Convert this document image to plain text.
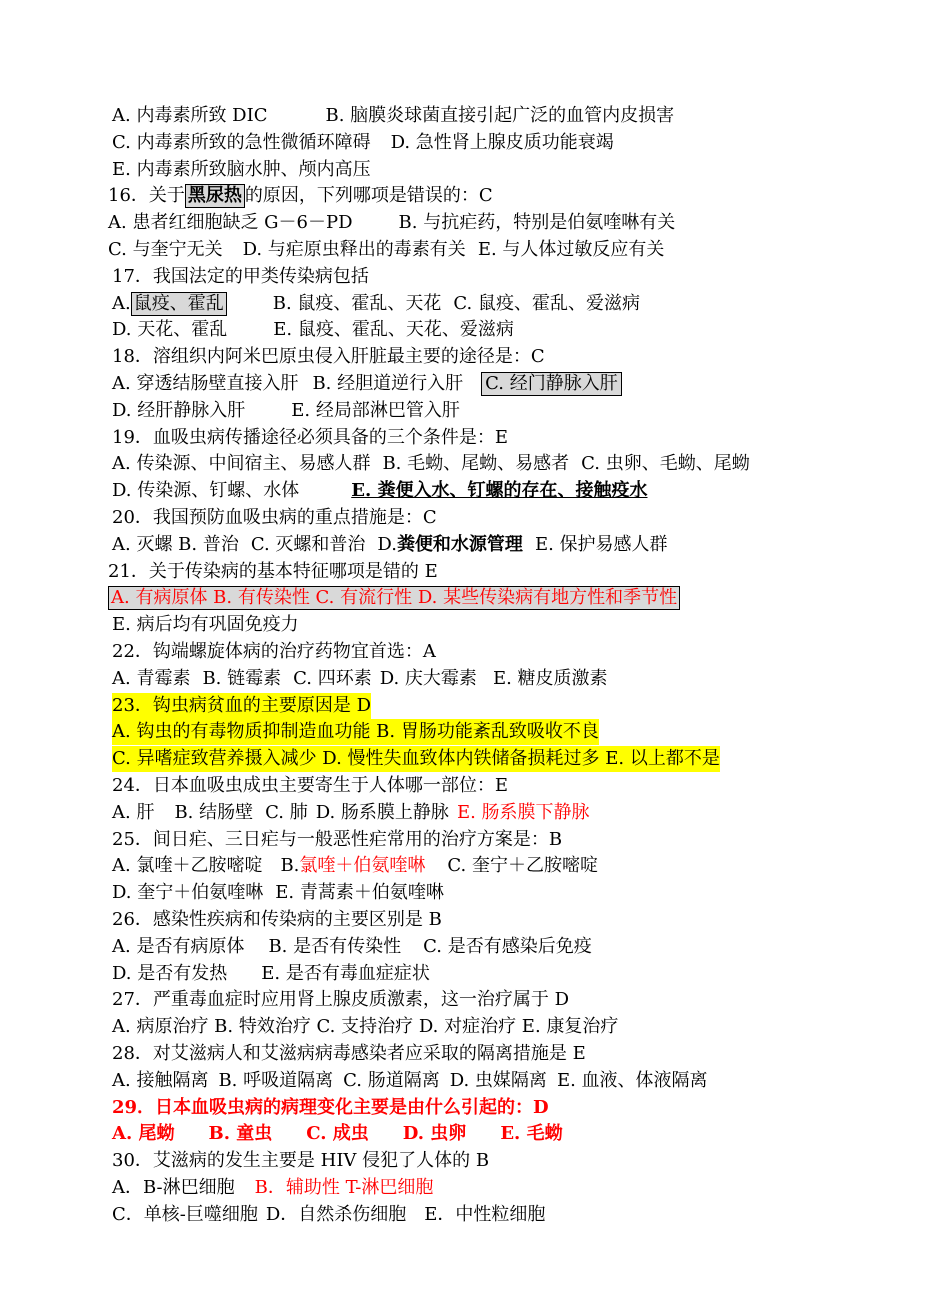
A. 内毒素所致 DIC	B. 脑膜炎球菌直接引起广泛的血管内皮损害
C. 内毒素所致的急性微循环障碍 D. 急性肾上腺皮质功能衰竭
E. 内毒素所致脑水肿、颅内高压
16．关于 黑尿热 的原因，下列哪项是错误的：C
A. 患者红细胞缺乏 G－6－PD	B. 与抗疟药，特别是伯氨喹啉有关
C. 与奎宁无关 D. 与疟原虫释出的毒素有关 E. 与人体过敏反应有关
17．我国法定的甲类传染病包括
A.鼠疫、霍乱	B. 鼠疫、霍乱、天花 C. 鼠疫、霍乱、爱滋病
D. 天花、霍乱	E. 鼠疫、霍乱、天花、爱滋病
18．溶组织内阿米巴原虫侵入肝脏最主要的途径是：C
A. 穿透结肠壁直接入肝 B. 经胆道逆行入肝 C. 经门静脉入肝
D. 经肝静脉入肝	E. 经局部淋巴管入肝
19．血吸虫病传播途径必须具备的三个条件是：E
A. 传染源、中间宿主、易感人群 B. 毛蚴、尾蚴、易感者 C. 虫卵、毛蚴、尾蚴
D. 传染源、钉螺、水体	E. 粪便入水、钉螺的存在、接触疫水
20．我国预防血吸虫病的重点措施是：C
A. 灭螺 B. 普治 C. 灭螺和普治 D.粪便和水源管理 E. 保护易感人群
21．关于传染病的基本特征哪项是错的 E
A. 有病原体 B. 有传染性 C. 有流行性 D. 某些传染病有地方性和季节性
E. 病后均有巩固免疫力
22．钩端螺旋体病的治疗药物宜首选：A
A. 青霉素 B. 链霉素 C. 四环素 D. 庆大霉素 E. 糖皮质激素
23．钩虫病贫血的主要原因是 D
A. 钩虫的有毒物质抑制造血功能 B. 胃肠功能紊乱致吸收不良
C. 异嗜症致营养摄入减少 D. 慢性失血致体内铁储备损耗过多 E. 以上都不是
24．日本血吸虫成虫主要寄生于人体哪一部位：E
A. 肝 B. 结肠壁 C. 肺 D. 肠系膜上静脉 E. 肠系膜下静脉
25．间日疟、三日疟与一般恶性疟常用的治疗方案是：B
A. 氯喹＋乙胺嘧啶 B.氯喹＋伯氨喹啉 C. 奎宁＋乙胺嘧啶
D. 奎宁＋伯氨喹啉 E. 青蒿素＋伯氨喹啉
26．感染性疾病和传染病的主要区别是 B
A. 是否有病原体 B. 是否有传染性 C. 是否有感染后免疫
D. 是否有发热 E. 是否有毒血症症状
27．严重毒血症时应用肾上腺皮质激素，这一治疗属于 D
A. 病原治疗 B. 特效治疗 C. 支持治疗 D. 对症治疗 E. 康复治疗
28．对艾滋病人和艾滋病病毒感染者应采取的隔离措施是 E
A. 接触隔离 B. 呼吸道隔离 C. 肠道隔离 D. 虫媒隔离 E. 血液、体液隔离
29．日本血吸虫病的病理变化主要是由什么引起的：D
A. 尾蚴 B. 童虫 C. 成虫 D. 虫卵 E. 毛蚴
30．艾滋病的发生主要是 HIV 侵犯了人体的 B
A．B-淋巴细胞 B．辅助性 T-淋巴细胞
C．单核-巨噬细胞 D．自然杀伤细胞 E．中性粒细胞
